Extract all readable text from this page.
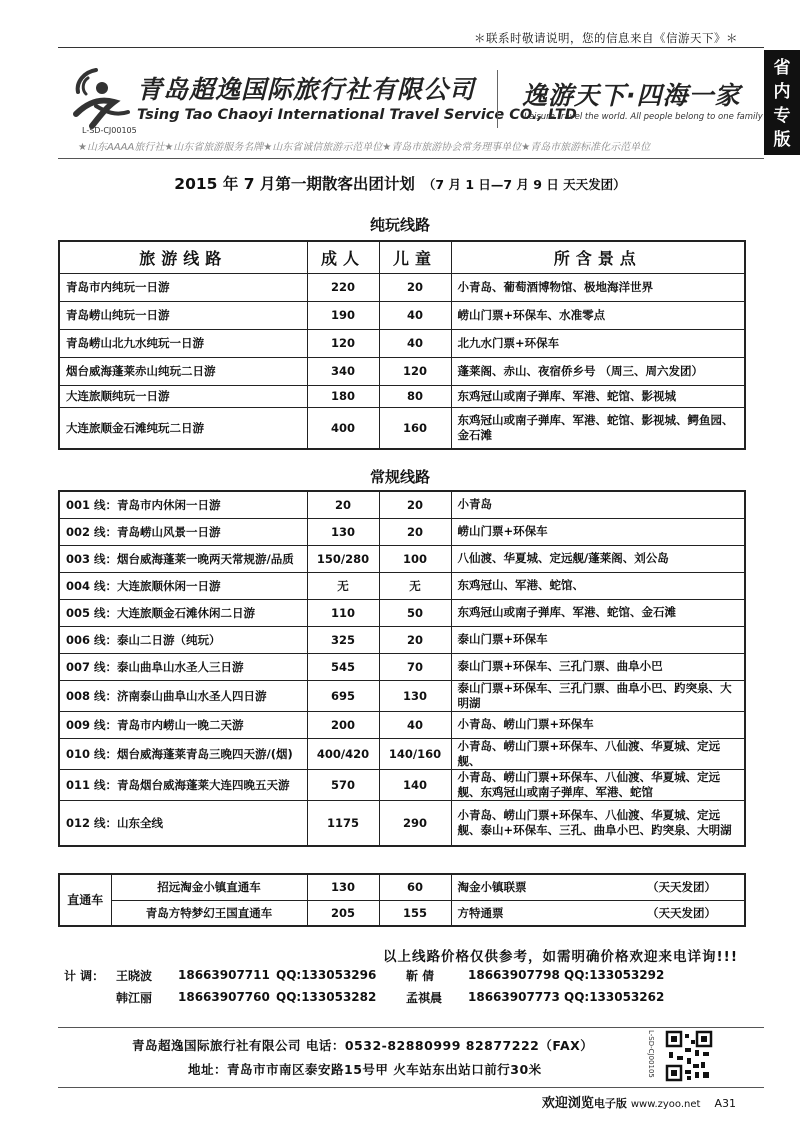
＊联系时敬请说明，您的信息来自《信游天下》＊
省
内
专
版
青岛超逸国际旅行社有限公司
Tsing Tao Chaoyi International Travel Service CO., LTD
L-SD-CJ00105
逸游天下·四海一家
Leisure travel the world. All people belong to one family
★山东AAAA旅行社★山东省旅游服务名牌★山东省诚信旅游示范单位★青岛市旅游协会常务理事单位★青岛市旅游标准化示范单位
2015 年 7 月第一期散客出团计划 （7 月 1 日—7 月 9 日 天天发团）
纯玩线路
旅游线路	成人	儿童	所含景点
青岛市内纯玩一日游	220	20	小青岛、葡萄酒博物馆、极地海洋世界
青岛崂山纯玩一日游	190	40	崂山门票+环保车、水准零点
青岛崂山北九水纯玩一日游	120	40	北九水门票+环保车
烟台威海蓬莱赤山纯玩二日游	340	120	蓬莱阁、赤山、夜宿侨乡号 （周三、周六发团）
大连旅顺纯玩一日游	180	80	东鸡冠山或南子弹库、军港、蛇馆、影视城
大连旅顺金石滩纯玩二日游	400	160	东鸡冠山或南子弹库、军港、蛇馆、影视城、鳄鱼园、金石滩
常规线路
001 线：青岛市内休闲一日游	20	20	小青岛
002 线：青岛崂山风景一日游	130	20	崂山门票+环保车
003 线：烟台威海蓬莱一晚两天常规游/品质	150/280	100	八仙渡、华夏城、定远舰/蓬莱阁、刘公岛
004 线：大连旅顺休闲一日游	无	无	东鸡冠山、军港、蛇馆、
005 线：大连旅顺金石滩休闲二日游	110	50	东鸡冠山或南子弹库、军港、蛇馆、金石滩
006 线：泰山二日游（纯玩）	325	20	泰山门票+环保车
007 线：泰山曲阜山水圣人三日游	545	70	泰山门票+环保车、三孔门票、曲阜小巴
008 线：济南泰山曲阜山水圣人四日游	695	130	泰山门票+环保车、三孔门票、曲阜小巴、趵突泉、大明湖
009 线：青岛市内崂山一晚二天游	200	40	小青岛、崂山门票+环保车
010 线：烟台威海蓬莱青岛三晚四天游/(烟)	400/420	140/160	小青岛、崂山门票+环保车、八仙渡、华夏城、定远舰、
011 线：青岛烟台威海蓬莱大连四晚五天游	570	140	小青岛、崂山门票+环保车、八仙渡、华夏城、定远舰、东鸡冠山或南子弹库、军港、蛇馆
012 线：山东全线	1175	290	小青岛、崂山门票+环保车、八仙渡、华夏城、定远舰、泰山+环保车、三孔、曲阜小巴、趵突泉、大明湖
直通车	招远淘金小镇直通车	130	60	淘金小镇联票 （天天发团）

	青岛方特梦幻王国直通车	205	155	方特通票 （天天发团）
以上线路价格仅供参考，如需明确价格欢迎来电详询!!!
计 调： 王晓波	18663907711 QQ:133053296	靳 倩	18663907798 QQ:133053292
韩江丽	18663907760 QQ:133053282	孟祺晨	18663907773 QQ:133053262
青岛超逸国际旅行社有限公司 电话：0532-82880999 82877222（FAX）
地址：青岛市市南区泰安路15号甲 火车站东出站口前行30米	L-SD-CJ00105
欢迎浏览电子版 www.zyoo.net A31
